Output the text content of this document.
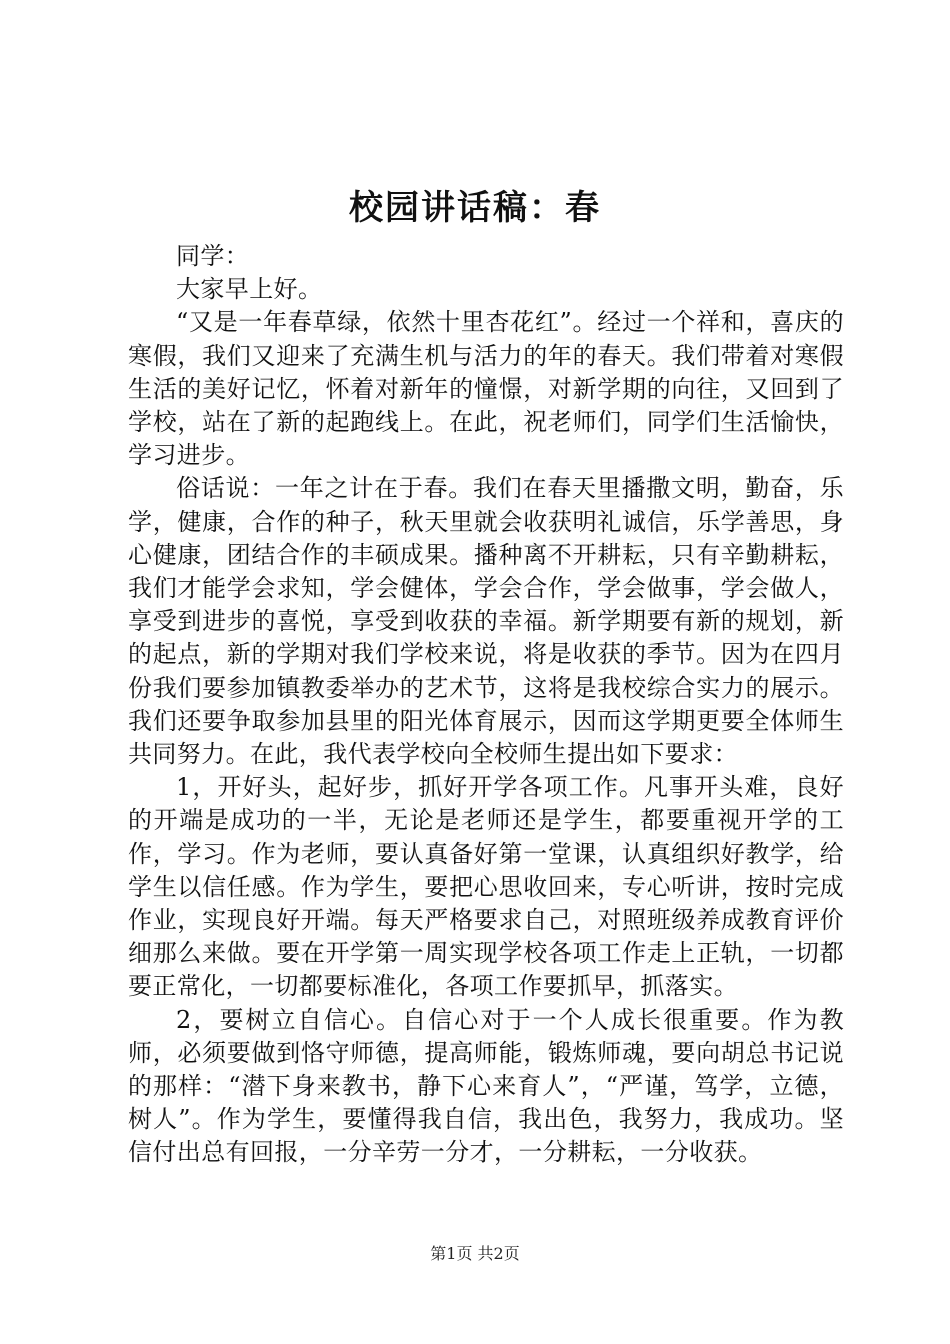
校园讲话稿：春

同学：

大家早上好。

“又是一年春草绿，依然十里杏花红”。经过一个祥和，喜庆的寒假，我们又迎来了充满生机与活力的年的春天。我们带着对寒假生活的美好记忆，怀着对新年的憧憬，对新学期的向往，又回到了学校，站在了新的起跑线上。在此，祝老师们，同学们生活愉快，学习进步。

俗话说：一年之计在于春。我们在春天里播撒文明，勤奋，乐学，健康，合作的种子，秋天里就会收获明礼诚信，乐学善思，身心健康，团结合作的丰硕成果。播种离不开耕耘，只有辛勤耕耘，我们才能学会求知，学会健体，学会合作，学会做事，学会做人，享受到进步的喜悦，享受到收获的幸福。新学期要有新的规划，新的起点，新的学期对我们学校来说，将是收获的季节。因为在四月份我们要参加镇教委举办的艺术节，这将是我校综合实力的展示。我们还要争取参加县里的阳光体育展示，因而这学期更要全体师生共同努力。在此，我代表学校向全校师生提出如下要求：

1，开好头，起好步，抓好开学各项工作。凡事开头难，良好的开端是成功的一半，无论是老师还是学生，都要重视开学的工作，学习。作为老师，要认真备好第一堂课，认真组织好教学，给学生以信任感。作为学生，要把心思收回来，专心听讲，按时完成作业，实现良好开端。每天严格要求自己，对照班级养成教育评价细那么来做。要在开学第一周实现学校各项工作走上正轨，一切都要正常化，一切都要标准化，各项工作要抓早，抓落实。

2，要树立自信心。自信心对于一个人成长很重要。作为教师，必须要做到恪守师德，提高师能，锻炼师魂，要向胡总书记说的那样：“潜下身来教书，静下心来育人”，“严谨，笃学，立德，树人”。作为学生，要懂得我自信，我出色，我努力，我成功。坚信付出总有回报，一分辛劳一分才，一分耕耘，一分收获。

第1页 共2页
